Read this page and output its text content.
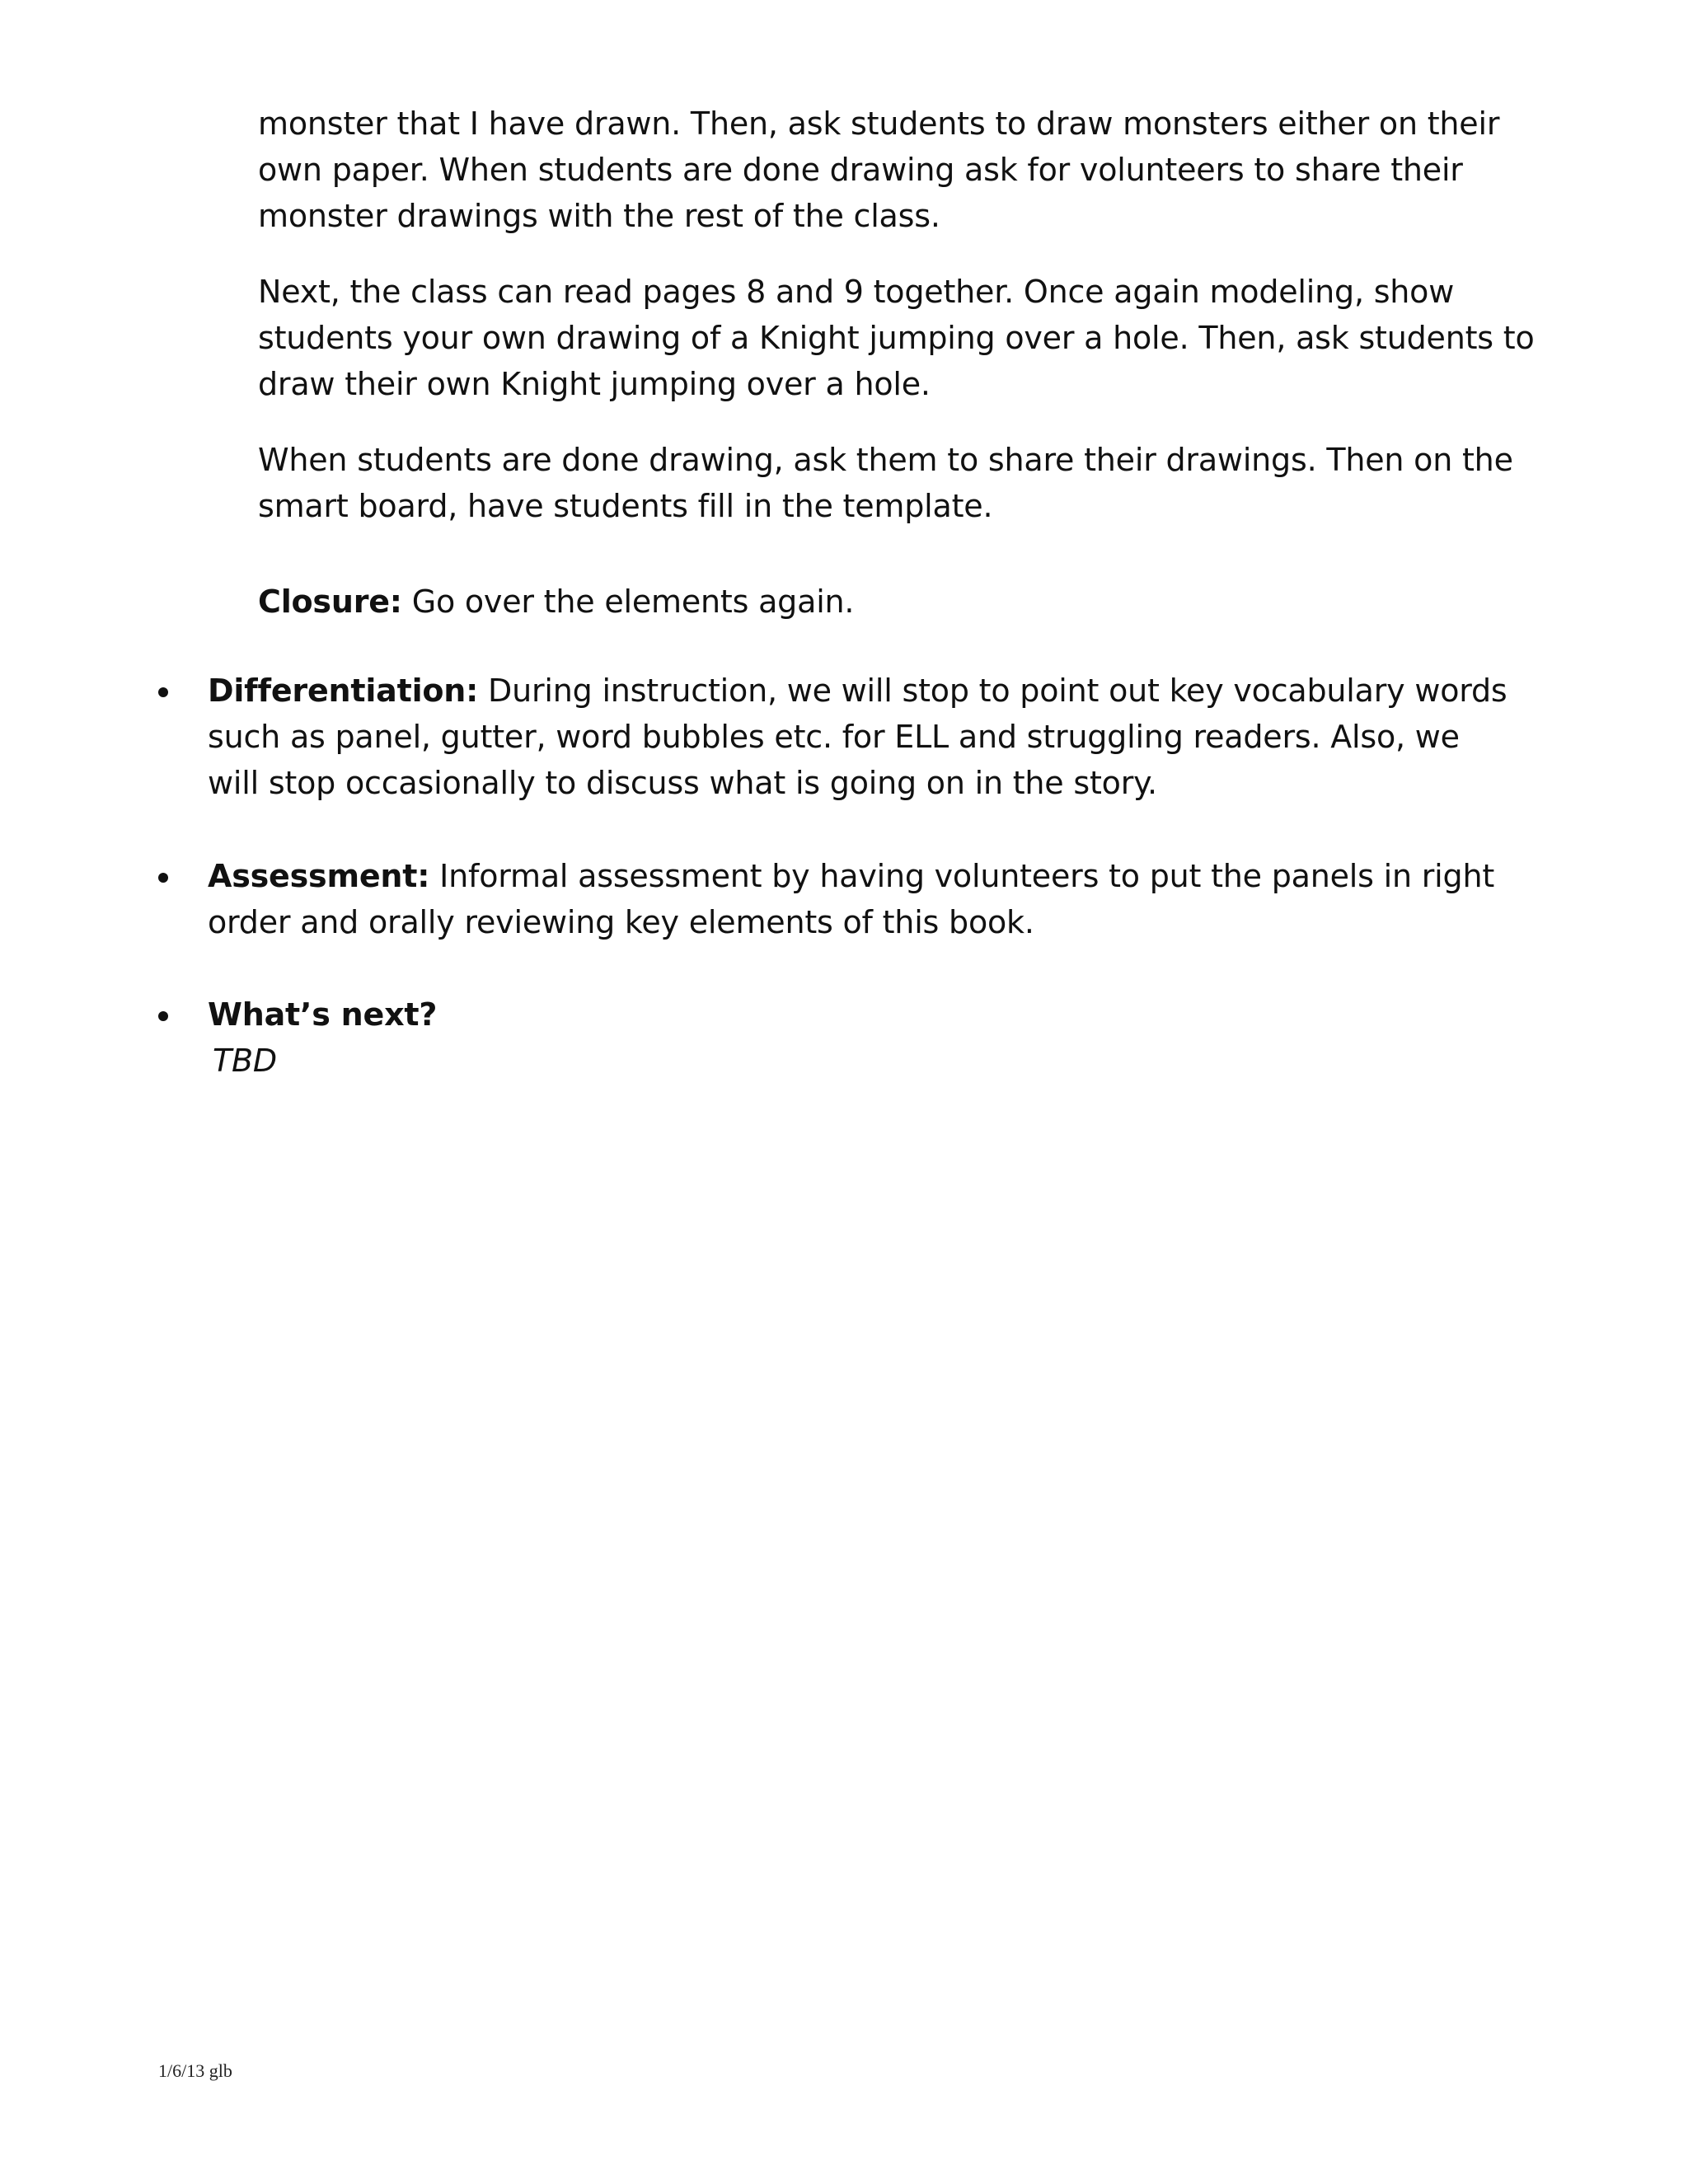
monster that I have drawn. Then, ask students to draw monsters either on their own paper. When students are done drawing ask for volunteers to share their monster drawings with the rest of the class.

Next, the class can read pages 8 and 9 together. Once again modeling, show students your own drawing of a Knight jumping over a hole. Then, ask students to draw their own Knight jumping over a hole.

When students are done drawing, ask them to share their drawings. Then on the smart board, have students fill in the template.

Closure: Go over the elements again.

Differentiation: During instruction, we will stop to point out key vocabulary words such as panel, gutter, word bubbles etc. for ELL and struggling readers. Also, we will stop occasionally to discuss what is going on in the story.
Assessment: Informal assessment by having volunteers to put the panels in right order and orally reviewing key elements of this book.
What’s next?
TBD
1/6/13 glb
